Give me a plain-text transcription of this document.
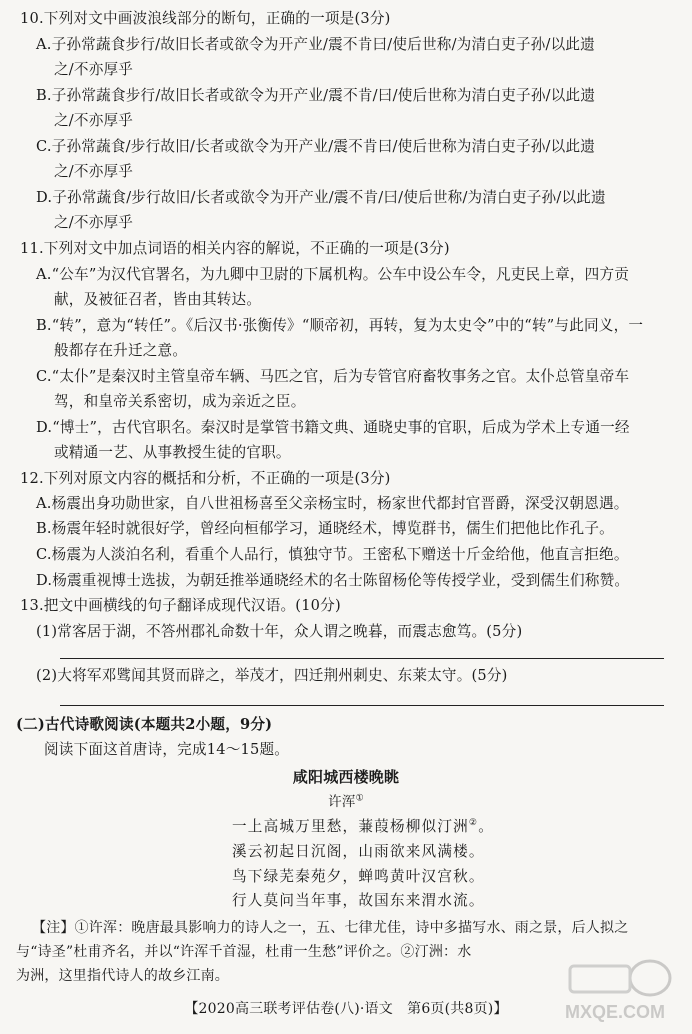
10.下列对文中画波浪线部分的断句，正确的一项是(3分)
A.子孙常蔬食步行/故旧长者或欲令为开产业/震不肯曰/使后世称/为清白吏子孙/以此遗
之/不亦厚乎
B.子孙常蔬食步行/故旧长者或欲令为开产业/震不肯/曰/使后世称为清白吏子孙/以此遗
之/不亦厚乎
C.子孙常蔬食/步行故旧/长者或欲令为开产业/震不肯曰/使后世称为清白吏子孙/以此遗
之/不亦厚乎
D.子孙常蔬食/步行故旧/长者或欲令为开产业/震不肯/曰/使后世称/为清白吏子孙/以此遗
之/不亦厚乎
11.下列对文中加点词语的相关内容的解说，不正确的一项是(3分)
A.“公车”为汉代官署名，为九卿中卫尉的下属机构。公车中设公车令，凡吏民上章，四方贡
献，及被征召者，皆由其转达。
B.“转”，意为“转任”。《后汉书·张衡传》“顺帝初，再转，复为太史令”中的“转”与此同义，一
般都存在升迁之意。
C.“太仆”是秦汉时主管皇帝车辆、马匹之官，后为专管官府畜牧事务之官。太仆总管皇帝车
驾，和皇帝关系密切，成为亲近之臣。
D.“博士”，古代官职名。秦汉时是掌管书籍文典、通晓史事的官职，后成为学术上专通一经
或精通一艺、从事教授生徒的官职。
12.下列对原文内容的概括和分析，不正确的一项是(3分)
A.杨震出身功勋世家，自八世祖杨喜至父亲杨宝时，杨家世代都封官晋爵，深受汉朝恩遇。
B.杨震年轻时就很好学，曾经向桓郁学习，通晓经术，博览群书，儒生们把他比作孔子。
C.杨震为人淡泊名利，看重个人品行，慎独守节。王密私下赠送十斤金给他，他直言拒绝。
D.杨震重视博士选拔，为朝廷推举通晓经术的名士陈留杨伦等传授学业，受到儒生们称赞。
13.把文中画横线的句子翻译成现代汉语。(10分)
(1)常客居于湖，不答州郡礼命数十年，众人谓之晚暮，而震志愈笃。(5分)
(2)大将军邓骘闻其贤而辟之，举茂才，四迁荆州刺史、东莱太守。(5分)
(二)古代诗歌阅读(本题共2小题，9分)
阅读下面这首唐诗，完成14～15题。
咸阳城西楼晚眺
许浑①
一上高城万里愁，蒹葭杨柳似汀洲②。
溪云初起日沉阁，山雨欲来风满楼。
鸟下绿芜秦苑夕，蝉鸣黄叶汉宫秋。
行人莫问当年事，故国东来渭水流。
【注】①许浑：晚唐最具影响力的诗人之一，五、七律尤佳，诗中多描写水、雨之景，后人拟之
与“诗圣”杜甫齐名，并以“许浑千首湿，杜甫一生愁”评价之。②汀洲：水
为洲，这里指代诗人的故乡江南。
【2020高三联考评估卷(八)·语文　第6页(共8页)】	MXQE.COM
